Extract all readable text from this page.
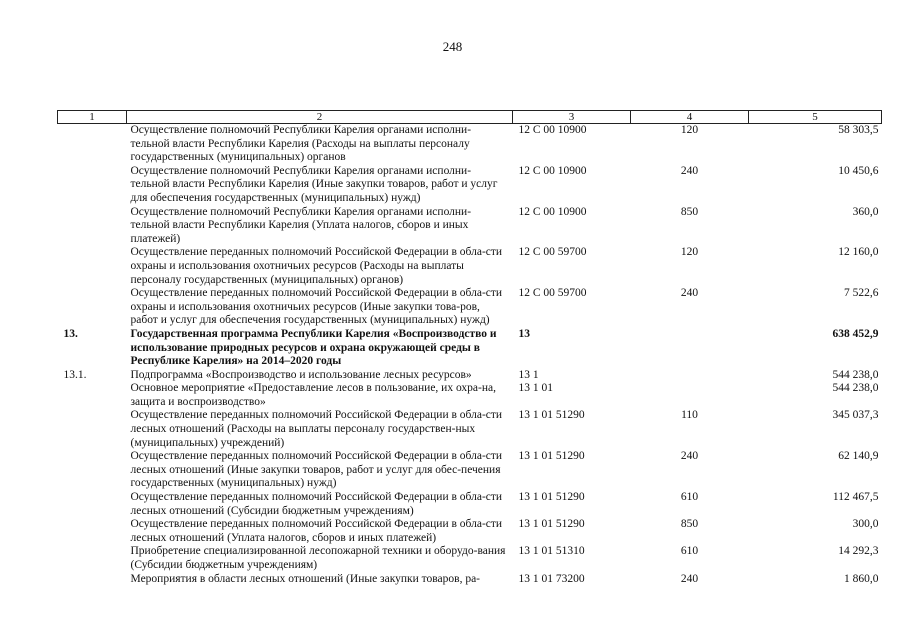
248
1	2	3	4	5
	Осуществление полномочий Республики Карелия органами исполни-тельной власти Республики Карелия (Расходы на выплаты персоналу государственных (муниципальных) органов	12 С 00 10900	120	58 303,5
	Осуществление полномочий Республики Карелия органами исполни-тельной власти Республики Карелия (Иные закупки товаров, работ и услуг для обеспечения государственных (муниципальных) нужд)	12 С 00 10900	240	10 450,6
	Осуществление полномочий Республики Карелия органами исполни-тельной власти Республики Карелия (Уплата налогов, сборов и иных платежей)	12 С 00 10900	850	360,0
	Осуществление переданных полномочий Российской Федерации в обла-сти охраны и использования охотничьих ресурсов (Расходы на выплаты персоналу государственных (муниципальных) органов)	12 С 00 59700	120	12 160,0
	Осуществление переданных полномочий Российской Федерации в обла-сти охраны и использования охотничьих ресурсов (Иные закупки това-ров, работ и услуг для обеспечения государственных (муниципальных) нужд)	12 С 00 59700	240	7 522,6
13.	Государственная программа Республики Карелия «Воспроизводство и использование природных ресурсов и охрана окружающей среды в Республике Карелия» на 2014–2020 годы	13		638 452,9
13.1.	Подпрограмма «Воспроизводство и использование лесных ресурсов»	13 1		544 238,0
	Основное мероприятие «Предоставление лесов в пользование, их охра-на, защита и воспроизводство»	13 1 01		544 238,0
	Осуществление переданных полномочий Российской Федерации в обла-сти лесных отношений (Расходы на выплаты персоналу государствен-ных (муниципальных) учреждений)	13 1 01 51290	110	345 037,3
	Осуществление переданных полномочий Российской Федерации в обла-сти лесных отношений (Иные закупки товаров, работ и услуг для обес-печения государственных (муниципальных) нужд)	13 1 01 51290	240	62 140,9
	Осуществление переданных полномочий Российской Федерации в обла-сти лесных отношений (Субсидии бюджетным учреждениям)	13 1 01 51290	610	112 467,5
	Осуществление переданных полномочий Российской Федерации в обла-сти лесных отношений (Уплата налогов, сборов и иных платежей)	13 1 01 51290	850	300,0
	Приобретение специализированной лесопожарной техники и оборудо-вания (Субсидии бюджетным учреждениям)	13 1 01 51310	610	14 292,3
	Мероприятия в области лесных отношений (Иные закупки товаров, ра-	13 1 01 73200	240	1 860,0
